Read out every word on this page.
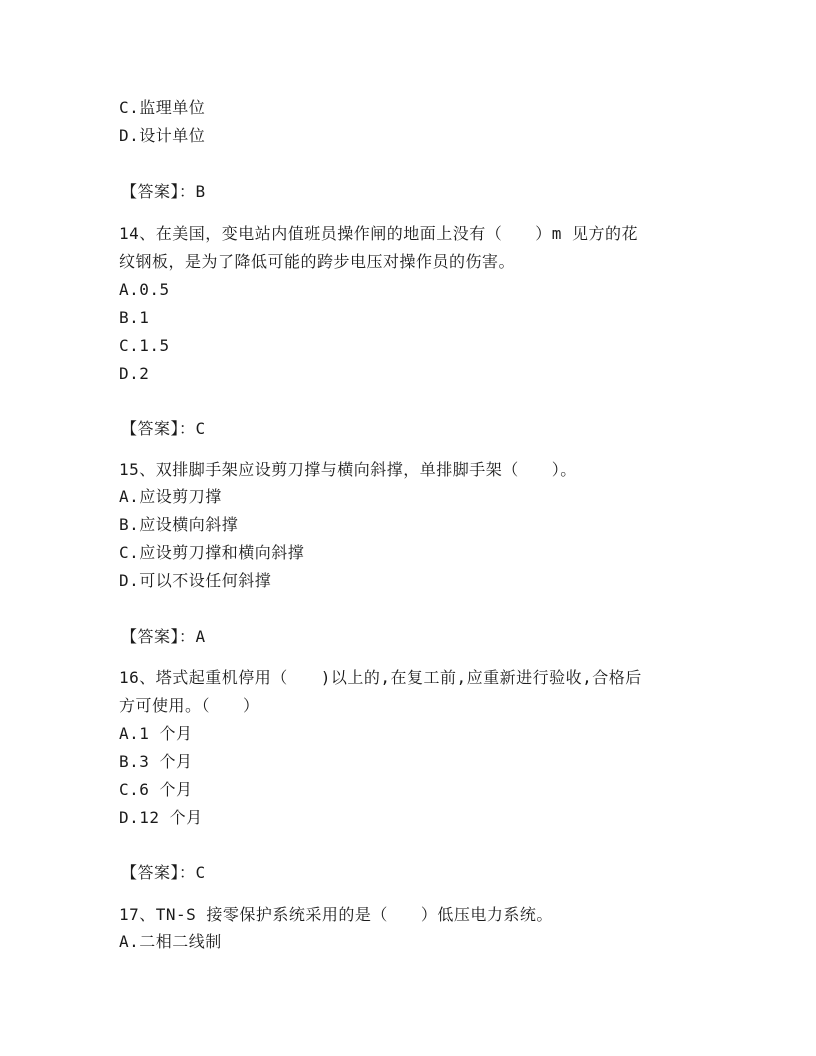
C.监理单位
D.设计单位
【答案】：B
14、在美国，变电站内值班员操作闸的地面上没有（　　）m 见方的花
纹钢板，是为了降低可能的跨步电压对操作员的伤害。
A.0.5
B.1
C.1.5
D.2
【答案】：C
15、双排脚手架应设剪刀撑与横向斜撑，单排脚手架（　　）。
A.应设剪刀撑
B.应设横向斜撑
C.应设剪刀撑和横向斜撑
D.可以不设任何斜撑
【答案】：A
16、塔式起重机停用（　　)以上的,在复工前,应重新进行验收,合格后
方可使用。（　　）
A.1 个月
B.3 个月
C.6 个月
D.12 个月
【答案】：C
17、TN-S 接零保护系统采用的是（　　）低压电力系统。
A.二相二线制
